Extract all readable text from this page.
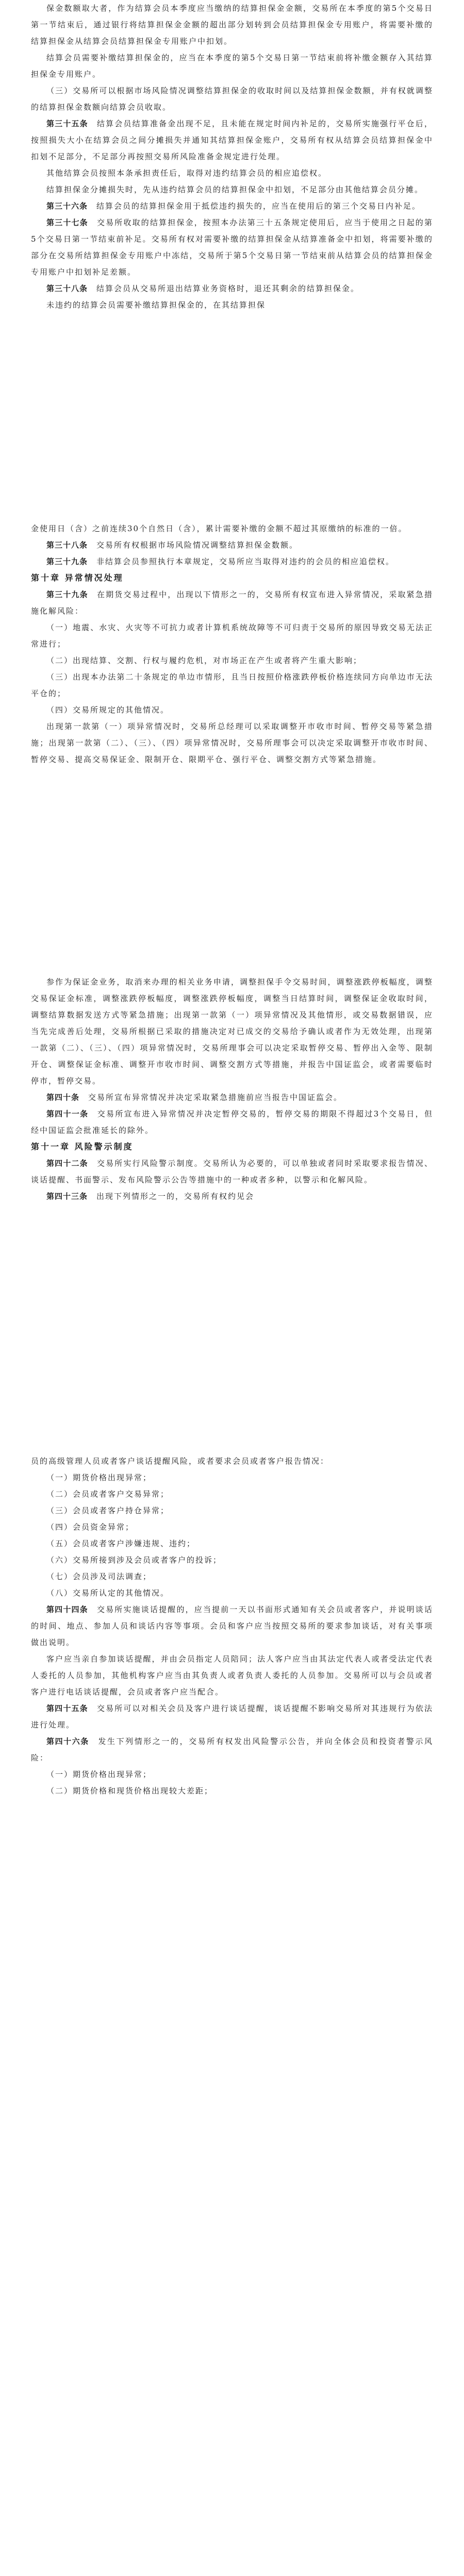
保金数额取大者，作为结算会员本季度应当缴纳的结算担保金金额，交易所在本季度的第5个交易日第一节结束后，通过银行将结算担保金金额的超出部分划转到会员结算担保金专用账户，将需要补缴的结算担保金从结算会员结算担保金专用账户中扣划。

结算会员需要补缴结算担保金的，应当在本季度的第5个交易日第一节结束前将补缴金额存入其结算担保金专用账户。

（三）交易所可以根据市场风险情况调整结算担保金的收取时间以及结算担保金数额，并有权就调整的结算担保金数额向结算会员收取。

第三十五条　 结算会员结算准备金出现不足，且未能在规定时间内补足的，交易所实施强行平仓后，按照损失大小在结算会员之间分摊损失并通知其结算担保金账户，交易所有权从结算会员结算担保金中扣划不足部分，不足部分再按照交易所风险准备金规定进行处理。

其他结算会员按照本条承担责任后，取得对违约结算会员的相应追偿权。

结算担保金分摊损失时，先从违约结算会员的结算担保金中扣划，不足部分由其他结算会员分摊。

第三十六条　 结算会员的结算担保金用于抵偿违约损失的，应当在使用后的第三个交易日内补足。

第三十七条　 交易所收取的结算担保金，按照本办法第三十五条规定使用后，应当于使用之日起的第5个交易日第一节结束前补足。交易所有权对需要补缴的结算担保金从结算准备金中扣划，将需要补缴的部分在交易所结算担保金专用账户中冻结，交易所于第5个交易日第一节结束前从结算会员的结算担保金专用账户中扣划补足差额。

第三十八条　 结算会员从交易所退出结算业务资格时，退还其剩余的结算担保金。

未违约的结算会员需要补缴结算担保金的，在其结算担保

金使用日（含）之前连续30个自然日（含），累计需要补缴的金额不超过其原缴纳的标准的一倍。

第三十八条　 交易所有权根据市场风险情况调整结算担保金数额。

第三十九条　 非结算会员参照执行本章规定，交易所应当取得对违约的会员的相应追偿权。

第十章 异常情况处理

第三十九条　 在期货交易过程中，出现以下情形之一的，交易所有权宣布进入异常情况，采取紧急措施化解风险：

（一）地震、水灾、火灾等不可抗力或者计算机系统故障等不可归责于交易所的原因导致交易无法正常进行；

（二）出现结算、交割、行权与履约危机，对市场正在产生或者将产生重大影响；

（三）出现本办法第二十条规定的单边市情形，且当日按照价格涨跌停板价格连续同方向单边市无法平仓的；

（四）交易所规定的其他情况。

出现第一款第（一）项异常情况时，交易所总经理可以采取调整开市收市时间、暂停交易等紧急措施；出现第一款第（二）、（三）、（四）项异常情况时，交易所理事会可以决定采取调整开市收市时间、暂停交易、提高交易保证金、限制开仓、限期平仓、强行平仓、调整交割方式等紧急措施。

参作为保证金业务，取消来办理的相关业务申请，调整担保手令交易时间，调整涨跌停板幅度，调整交易保证金标准，调整涨跌停板幅度，调整涨跌停板幅度，调整当日结算时间，调整保证金收取时间，调整结算数据发送方式等紧急措施；出现第一款第（一）项异常情况及其他情形，或交易数据错误，应当先完成善后处理，交易所根据已采取的措施决定对已成交的交易给予确认或者作为无效处理，出现第一款第（二）、（三）、（四）项异常情况时，交易所理事会可以决定采取暂停交易、暂停出入金等、限制开仓、调整保证金标准、调整开市收市时间、调整交割方式等措施，并报告中国证监会，或者需要临时停市，暂停交易。

第四十条　 交易所宣布异常情况并决定采取紧急措施前应当报告中国证监会。

第四十一条　 交易所宣布进入异常情况并决定暂停交易的，暂停交易的期限不得超过3个交易日，但经中国证监会批准延长的除外。

第十一章 风险警示制度

第四十二条　 交易所实行风险警示制度。交易所认为必要的，可以单独或者同时采取要求报告情况、谈话提醒、书面警示、发布风险警示公告等措施中的一种或者多种，以警示和化解风险。

第四十三条　 出现下列情形之一的，交易所有权约见会

员的高级管理人员或者客户谈话提醒风险，或者要求会员或者客户报告情况：

（一）期货价格出现异常；

（二）会员或者客户交易异常；

（三）会员或者客户持仓异常；

（四）会员资金异常；

（五）会员或者客户涉嫌违规、违约；

（六）交易所接到涉及会员或者客户的投诉；

（七）会员涉及司法调查；

（八）交易所认定的其他情况。

第四十四条　 交易所实施谈话提醒的，应当提前一天以书面形式通知有关会员或者客户，并说明谈话的时间、地点、参加人员和谈话内容等事项。会员和客户应当按照交易所的要求参加谈话，对有关事项做出说明。

客户应当亲自参加谈话提醒，并由会员指定人员陪同；法人客户应当由其法定代表人或者受法定代表人委托的人员参加，其他机构客户应当由其负责人或者负责人委托的人员参加。交易所可以与会员或者客户进行电话谈话提醒，会员或者客户应当配合。

第四十五条　 交易所可以对相关会员及客户进行谈话提醒，谈话提醒不影响交易所对其违规行为依法进行处理。

第四十六条　 发生下列情形之一的，交易所有权发出风险警示公告，并向全体会员和投资者警示风险：

（一）期货价格出现异常；

（二）期货价格和现货价格出现较大差距；
